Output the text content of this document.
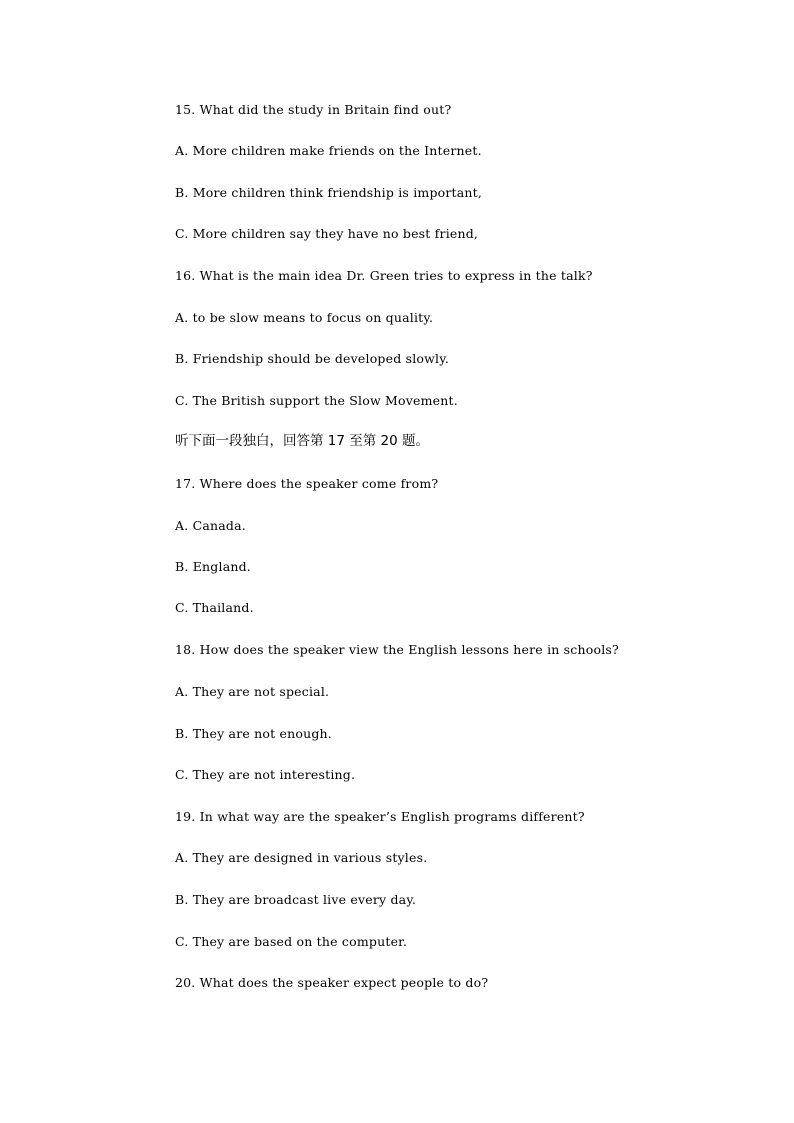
15. What did the study in Britain find out?

A. More children make friends on the Internet.

B. More children think friendship is important,

C. More children say they have no best friend,

16. What is the main idea Dr. Green tries to express in the talk?

A. to be slow means to focus on quality.

B. Friendship should be developed slowly.

C. The British support the Slow Movement.

听下面一段独白，回答第 17 至第 20 题。

17. Where does the speaker come from?

A. Canada.

B. England.

C. Thailand.

18. How does the speaker view the English lessons here in schools?

A. They are not special.

B. They are not enough.

C. They are not interesting.

19. In what way are the speaker’s English programs different?

A. They are designed in various styles.

B. They are broadcast live every day.

C. They are based on the computer.

20. What does the speaker expect people to do?
